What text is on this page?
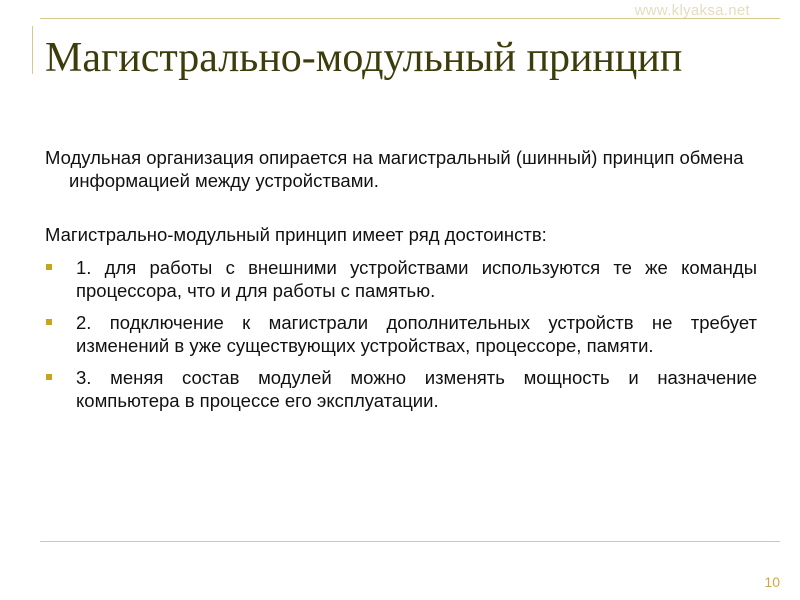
www.klyaksa.net
Магистрально-модульный принцип

Модульная организация опирается на магистральный (шинный) принцип обмена информацией между устройствами.

Магистрально-модульный принцип имеет ряд достоинств:

1. для работы с внешними устройствами используются те же команды процессора, что и для работы с памятью.
2. подключение к магистрали дополнительных устройств не требует изменений в уже существующих устройствах, процессоре, памяти.
3. меняя состав модулей можно изменять мощность и назначение компьютера в процессе его эксплуатации.
10
